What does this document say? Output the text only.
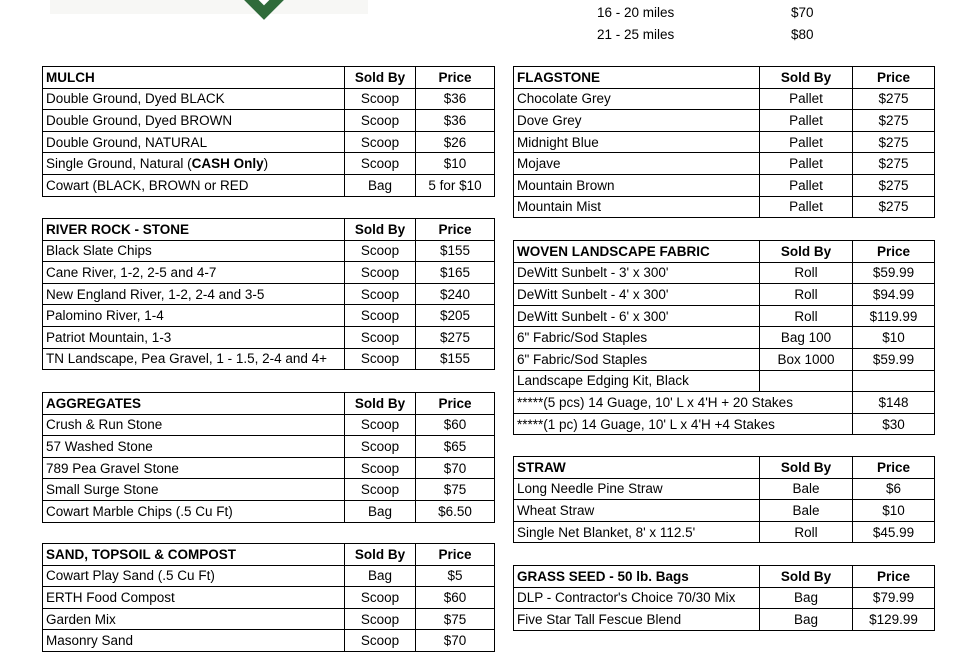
16 - 20 miles	$70
21 - 25 miles	$80
MULCH	Sold By	Price
Double Ground, Dyed BLACK	Scoop	$36
Double Ground, Dyed BROWN	Scoop	$36
Double Ground, NATURAL	Scoop	$26
Single Ground, Natural (CASH Only)	Scoop	$10
Cowart (BLACK, BROWN or RED	Bag	5 for $10
RIVER ROCK - STONE	Sold By	Price
Black Slate Chips	Scoop	$155
Cane River, 1-2, 2-5 and 4-7	Scoop	$165
New England River, 1-2, 2-4 and 3-5	Scoop	$240
Palomino River, 1-4	Scoop	$205
Patriot Mountain, 1-3	Scoop	$275
TN Landscape, Pea Gravel, 1 - 1.5, 2-4 and 4+	Scoop	$155
AGGREGATES	Sold By	Price
Crush & Run Stone	Scoop	$60
57 Washed Stone	Scoop	$65
789 Pea Gravel Stone	Scoop	$70
Small Surge Stone	Scoop	$75
Cowart Marble Chips (.5 Cu Ft)	Bag	$6.50
SAND, TOPSOIL & COMPOST	Sold By	Price
Cowart Play Sand (.5 Cu Ft)	Bag	$5
ERTH Food Compost	Scoop	$60
Garden Mix	Scoop	$75
Masonry Sand	Scoop	$70
FLAGSTONE	Sold By	Price
Chocolate Grey	Pallet	$275
Dove Grey	Pallet	$275
Midnight Blue	Pallet	$275
Mojave	Pallet	$275
Mountain Brown	Pallet	$275
Mountain Mist	Pallet	$275
WOVEN LANDSCAPE FABRIC	Sold By	Price
DeWitt Sunbelt - 3' x 300'	Roll	$59.99
DeWitt Sunbelt - 4' x 300'	Roll	$94.99
DeWitt Sunbelt - 6' x 300'	Roll	$119.99
6" Fabric/Sod Staples	Bag 100	$10
6" Fabric/Sod Staples	Box 1000	$59.99
Landscape Edging Kit, Black		
*****(5 pcs) 14 Guage, 10' L x 4'H + 20 Stakes		$148
*****(1 pc) 14 Guage, 10' L x 4'H +4 Stakes		$30
STRAW	Sold By	Price
Long Needle Pine Straw	Bale	$6
Wheat Straw	Bale	$10
Single Net Blanket, 8' x 112.5'	Roll	$45.99
GRASS SEED - 50 lb. Bags	Sold By	Price
DLP - Contractor's Choice 70/30 Mix	Bag	$79.99
Five Star Tall Fescue Blend	Bag	$129.99
